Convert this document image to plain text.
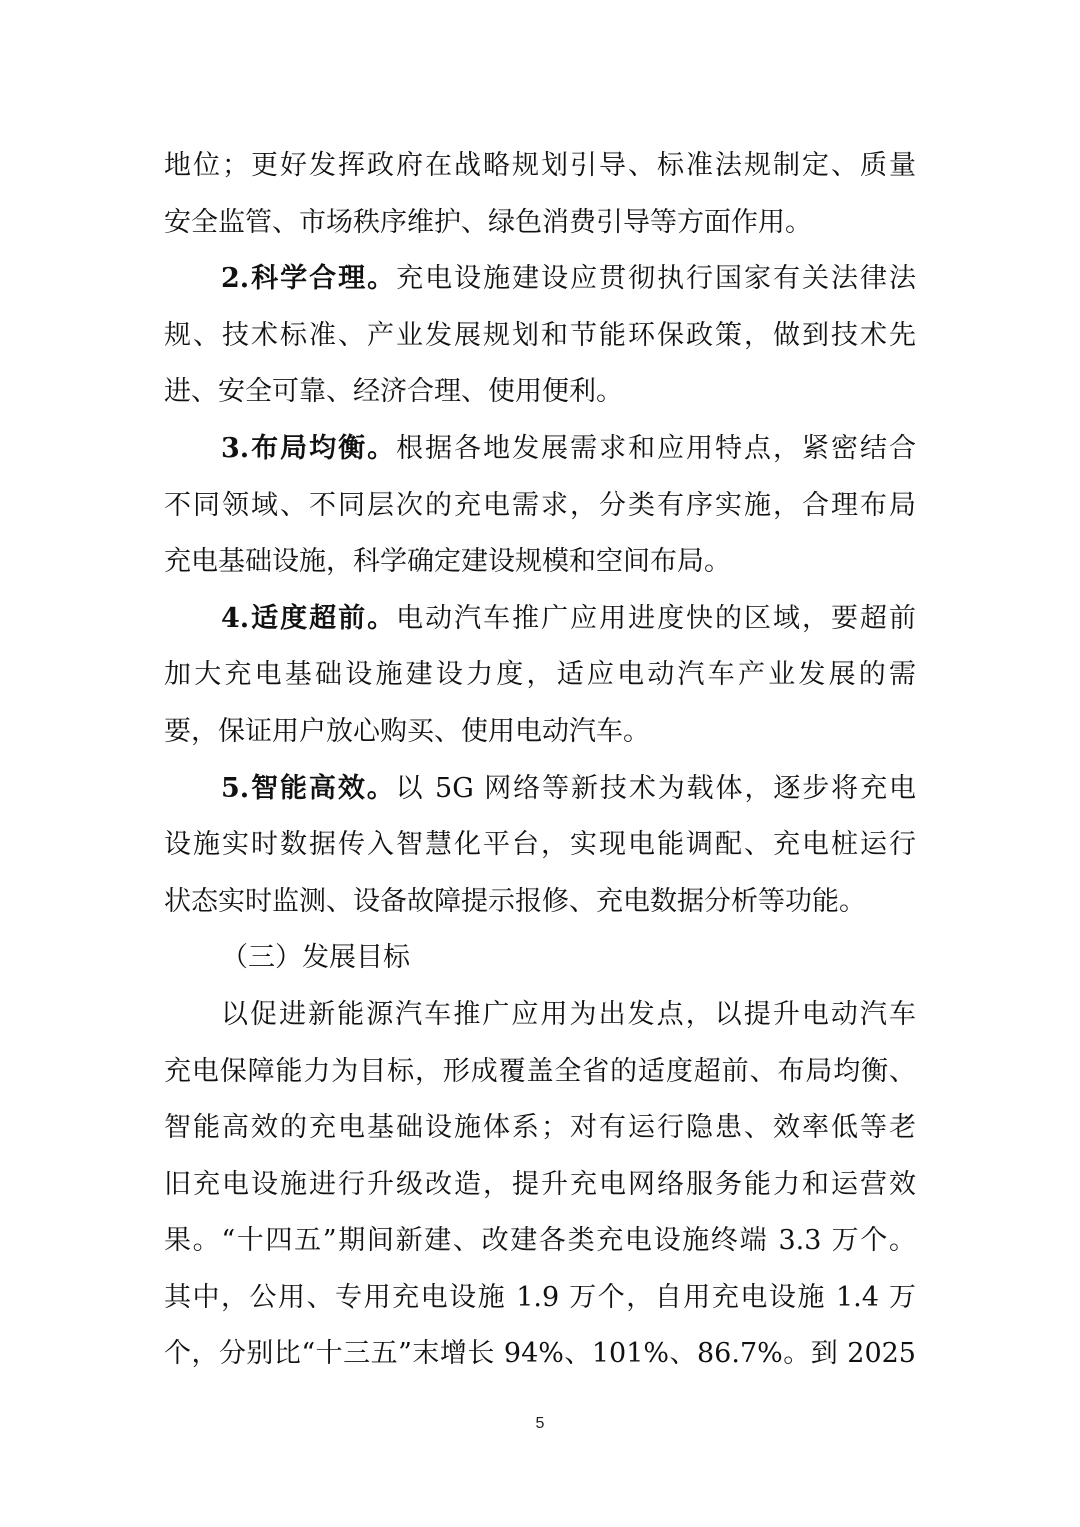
地位；更好发挥政府在战略规划引导、标准法规制定、质量
安全监管、市场秩序维护、绿色消费引导等方面作用。
2.科学合理。充电设施建设应贯彻执行国家有关法律法
规、技术标准、产业发展规划和节能环保政策，做到技术先
进、安全可靠、经济合理、使用便利。
3.布局均衡。根据各地发展需求和应用特点，紧密结合
不同领域、不同层次的充电需求，分类有序实施，合理布局
充电基础设施，科学确定建设规模和空间布局。
4.适度超前。电动汽车推广应用进度快的区域，要超前
加大充电基础设施建设力度，适应电动汽车产业发展的需
要，保证用户放心购买、使用电动汽车。
5.智能高效。以 5G 网络等新技术为载体，逐步将充电
设施实时数据传入智慧化平台，实现电能调配、充电桩运行
状态实时监测、设备故障提示报修、充电数据分析等功能。
（三）发展目标
以促进新能源汽车推广应用为出发点，以提升电动汽车
充电保障能力为目标，形成覆盖全省的适度超前、布局均衡、
智能高效的充电基础设施体系；对有运行隐患、效率低等老
旧充电设施进行升级改造，提升充电网络服务能力和运营效
果。“十四五”期间新建、改建各类充电设施终端 3.3 万个。
其中，公用、专用充电设施 1.9 万个，自用充电设施 1.4 万
个，分别比“十三五”末增长 94%、101%、86.7%。到 2025
5
